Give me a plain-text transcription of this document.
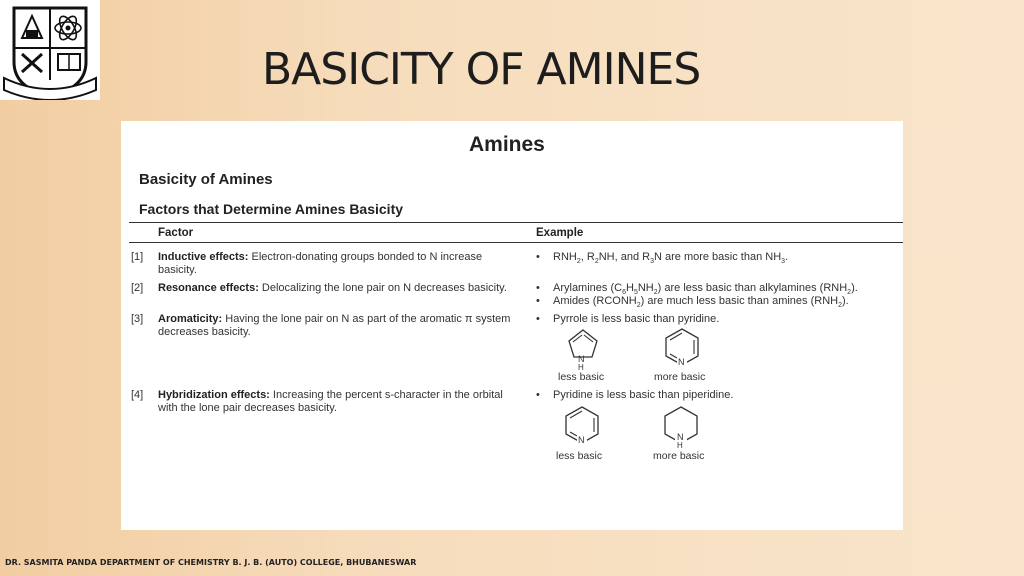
BASICITY OF AMINES
Amines
Basicity of Amines
Factors that Determine Amines Basicity
Factor	Example
[1] Inductive effects: Electron-donating groups bonded to N increase basicity.
• $RNH_2$, $R_2NH$, and $R_3N$ are more basic than $NH_3$.
[2] Resonance effects: Delocalizing the lone pair on N decreases basicity.	• Arylamines $(C_6H_5NH_2)$ are less basic than alkylamines $(RNH_2)$.
• Amides $(RCONH_2)$ are much less basic than amines $(RNH_2)$.
[3] Aromaticity: Having the lone pair on N as part of the aromatic π system decreases basicity.
• Pyrrole is less basic than pyridine.
N
H
less basic
N
more basic
[4] Hybridization effects: Increasing the percent s-character in the orbital with the lone pair decreases basicity.
• Pyridine is less basic than piperidine.
N
less basic
N
H
more basic
DR. SASMITA PANDA DEPARTMENT OF CHEMISTRY B. J. B. (AUTO) COLLEGE, BHUBANESWAR
